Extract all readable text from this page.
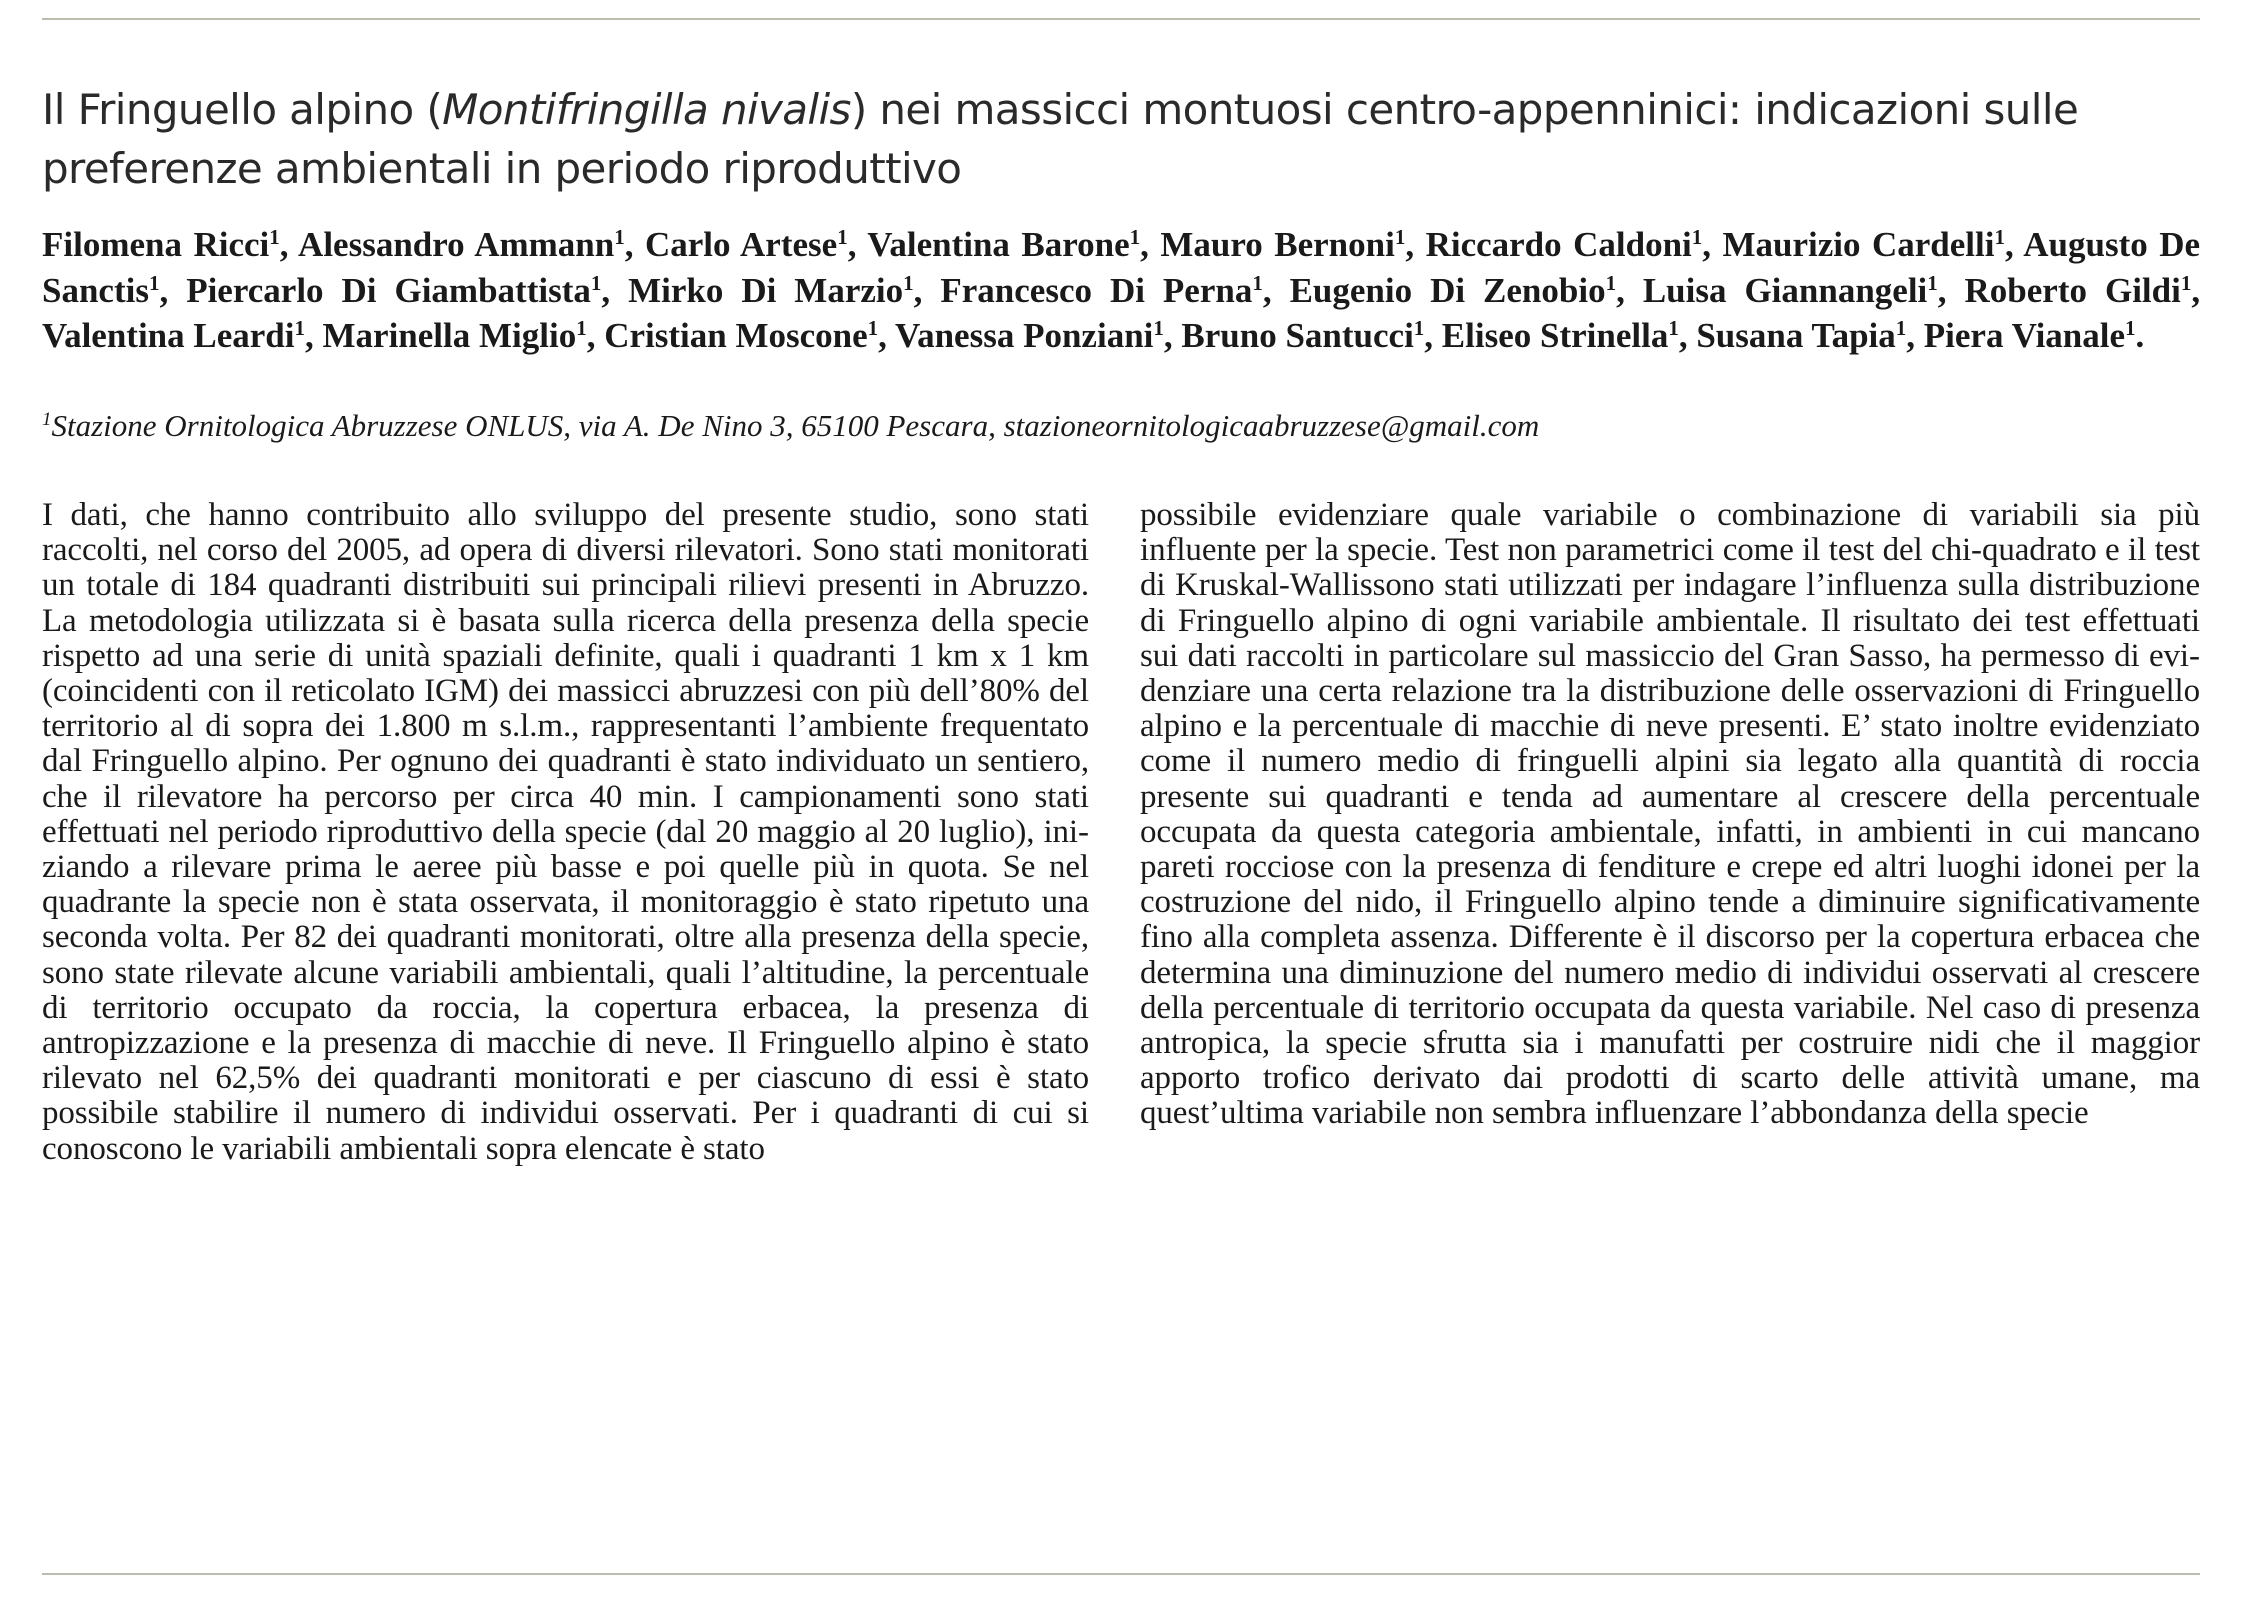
Il Fringuello alpino (Montifringilla nivalis) nei massicci montuosi centro-appenninici: indicazioni sulle preferenze ambientali in periodo riproduttivo

Filomena Ricci$^1$, Alessandro Ammann$^1$, Carlo Artese$^1$, Valentina Barone$^1$, Mauro Bernoni$^1$, Riccardo Caldoni$^1$, Maurizio Cardelli$^1$, Augusto De Sanctis$^1$, Piercarlo Di Giambattista$^1$, Mirko Di Marzio$^1$, Francesco Di Perna$^1$, Eugenio Di Zenobio$^1$, Luisa Giannangeli$^1$, Roberto Gildi$^1$, Valentina Leardi$^1$, Marinella Miglio$^1$, Cristian Moscone$^1$, Vanessa Ponziani$^1$, Bruno Santucci$^1$, Eliseo Strinella$^1$, Susana Tapia$^1$, Piera Vianale$^1$.

$^1$Stazione Ornitologica Abruzzese ONLUS, via A. De Nino 3, 65100 Pescara, stazioneornitologicaabruzzese@gmail.com

I dati, che hanno contribuito allo sviluppo del presente studio, sono stati raccolti, nel corso del 2005, ad opera di diversi rilevatori. Sono stati monitorati un totale di 184 quadranti distribuiti sui principali rilievi presenti in Abruzzo. La metodologia utilizzata si è basata sulla ricerca della presenza della specie rispetto ad una serie di unità spaziali definite, quali i quadranti 1 km x 1 km (coincidenti con il reticolato IGM) dei massicci abruzzesi con più dell’80% del territorio al di sopra dei 1.800 m s.l.m., rappresentanti l’ambiente frequentato dal Fringuello alpino. Per ognuno dei quadranti è stato individuato un sentiero, che il rilevatore ha percorso per circa 40 min. I campionamenti sono stati effettuati nel periodo riproduttivo della specie (dal 20 maggio al 20 luglio), iniziando a rilevare prima le aeree più basse e poi quelle più in quota. Se nel quadrante la specie non è stata osservata, il monitoraggio è stato ripetuto una seconda volta. Per 82 dei quadranti monitorati, oltre alla presenza della specie, sono state rilevate alcune variabili ambientali, quali l’altitudine, la percentuale di territorio occupato da roccia, la copertura erbacea, la presenza di antropizzazione e la presenza di macchie di neve. Il Fringuello alpino è stato rilevato nel 62,5% dei quadranti monitorati e per ciascuno di essi è stato possibile stabilire il numero di individui osservati. Per i quadranti di cui si conoscono le variabili ambientali sopra elencate è stato

possibile evidenziare quale variabile o combinazione di variabili sia più influente per la specie. Test non parametrici come il test del chi-quadrato e il test di Kruskal-Wallissono stati utilizzati per indagare l’influenza sulla distribuzione di Fringuello alpino di ogni variabile ambientale. Il risultato dei test effettuati sui dati raccolti in particolare sul massiccio del Gran Sasso, ha permesso di evidenziare una certa relazione tra la distribuzione delle osservazioni di Fringuello alpino e la percentuale di macchie di neve presenti. E’ stato inoltre evidenziato come il numero medio di fringuelli alpini sia legato alla quantità di roccia presente sui quadranti e tenda ad aumentare al crescere della percentuale occupata da questa categoria ambientale, infatti, in ambienti in cui mancano pareti rocciose con la presenza di fenditure e crepe ed altri luoghi idonei per la costruzione del nido, il Fringuello alpino tende a diminuire significativamente fino alla completa assenza. Differente è il discorso per la copertura erbacea che determina una diminuzione del numero medio di individui osservati al crescere della percentuale di territorio occupata da questa variabile. Nel caso di presenza antropica, la specie sfrutta sia i manufatti per costruire nidi che il maggior apporto trofico derivato dai prodotti di scarto delle attività umane, ma quest’ultima variabile non sembra influenzare l’abbondanza della specie
